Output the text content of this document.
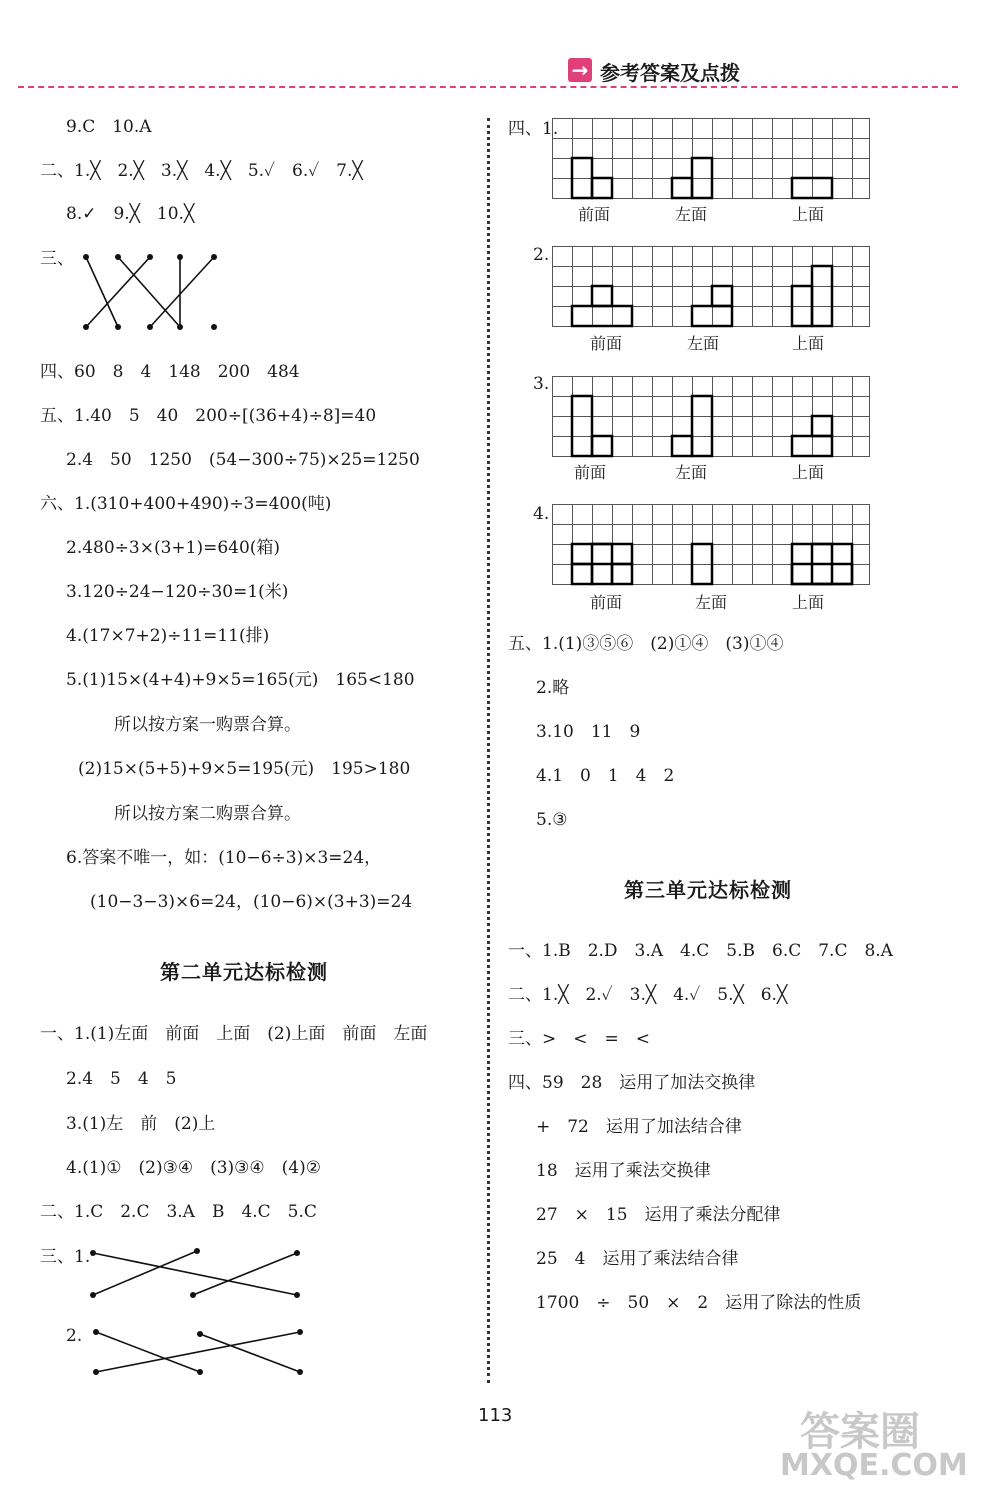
→ 参考答案及点拨
9.C　10.A
二、1.╳　2.╳　3.╳　4.╳　5.✓　6.✓　7.╳
8.✓　9.╳　10.╳
三、
四、60　8　4　148　200　484
五、1.40　5　40　200÷[(36+4)÷8]=40
2.4　50　1250　(54−300÷75)×25=1250
六、1.(310+400+490)÷3=400(吨)
2.480÷3×(3+1)=640(箱)
3.120÷24−120÷30=1(米)
4.(17×7+2)÷11=11(排)
5.(1)15×(4+4)+9×5=165(元)　165<180
所以按方案一购票合算。
(2)15×(5+5)+9×5=195(元)　195>180
所以按方案二购票合算。
6.答案不唯一，如：(10−6÷3)×3=24，
(10−3−3)×6=24，(10−6)×(3+3)=24
第二单元达标检测
一、1.(1)左面　前面　上面　(2)上面　前面　左面
2.4　5　4　5
3.(1)左　前　(2)上
4.(1)①　(2)③④　(3)③④　(4)②
二、1.C　2.C　3.A　B　4.C　5.C
三、1.
2.
四、1.
前面	左面	上面
2.
前面	左面	上面
3.
前面	左面	上面
4.
前面	左面	上面
五、1.(1)③⑤⑥　(2)①④　(3)①④
2.略
3.10　11　9
4.1　0　1　4　2
5.③
第三单元达标检测
一、1.B　2.D　3.A　4.C　5.B　6.C　7.C　8.A
二、1.╳　2.✓　3.╳　4.✓　5.╳　6.╳
三、>　<　=　<
四、59　28　运用了加法交换律
+　72　运用了加法结合律
18　运用了乘法交换律
27　×　15　运用了乘法分配律
25　4　运用了乘法结合律
1700　÷　50　×　2　运用了除法的性质
113	答案圈
MXQE.COM
